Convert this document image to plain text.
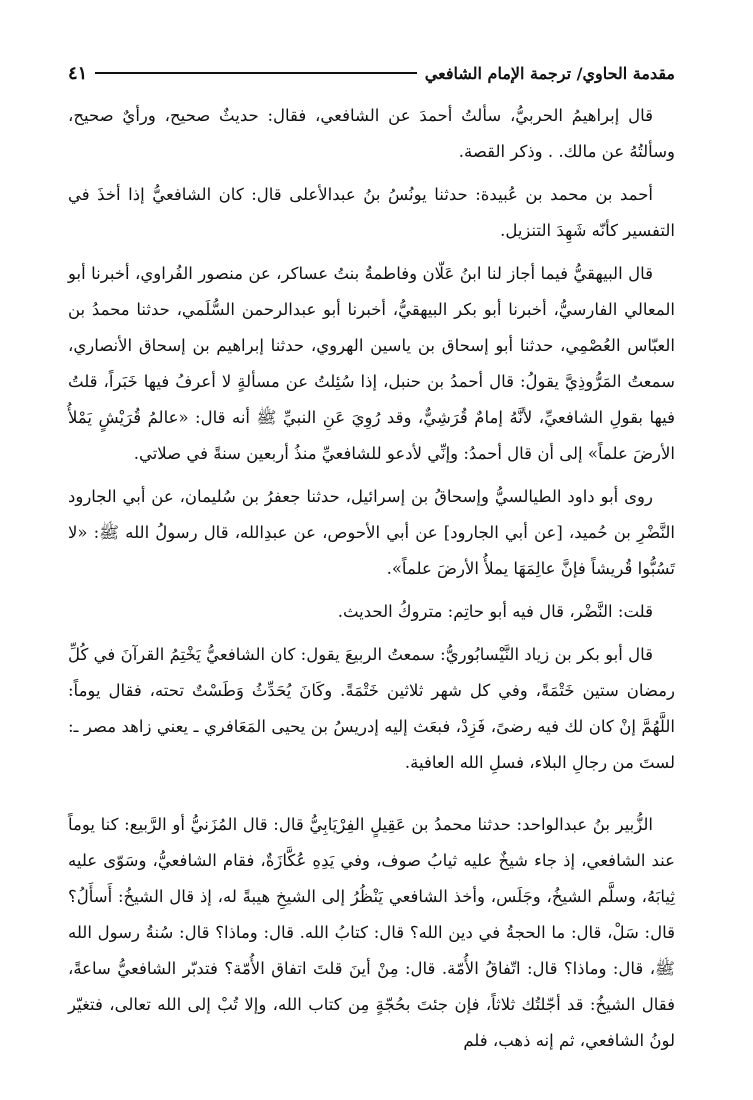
مقدمة الحاوي/ ترجمة الإمام الشافعي
٤١

قال إبراهيمُ الحربيُّ، سألتُ أحمدَ عن الشافعي، فقال: حديثٌ صحيح، ورأيٌ صحيح، وسألتُهُ عن مالك. . وذكر القصة.

أحمد بن محمد بن عُبيدة: حدثنا يونُسُ بنُ عبدالأعلى قال: كان الشافعيُّ إذا أخذَ في التفسير كأنّه شَهِدَ التنزيل.

قال البيهقيُّ فيما أجاز لنا ابنُ عَلّان وفاطمةُ بنتُ عساكر، عن منصور الفُراوي، أخبرنا أبو المعالي الفارسيُّ، أخبرنا أبو بكر البيهقيُّ، أخبرنا أبو عبدالرحمن السُّلَمي، حدثنا محمدُ بن العبّاس العُصْمِي، حدثنا أبو إسحاق بن ياسين الهروي، حدثنا إبراهيم بن إسحاق الأنصاري، سمعتُ المَرُّوذِيَّ يقولُ: قال أحمدُ بن حنبل، إذا سُئِلتُ عن مسألةٍ لا أعرفُ فيها خَبَراً، قلتُ فيها بقولِ الشافعيِّ، لأنَّهُ إمامٌ قُرَشِيٌّ، وقد رُوِيَ عَنِ النبيِّ ﷺ أنه قال: «عالمُ قُرَيْشٍ يَمْلأُ الأرضَ علماً» إلى أن قال أحمدُ: وإنِّي لأدعو للشافعيِّ منذُ أربعين سنةً في صلاتي.

روى أبو داود الطيالسيُّ وإسحاقُ بن إسرائيل، حدثنا جعفرُ بن سُليمان، عن أبي الجارود النَّضْرِ بن حُميد، [عن أبي الجارود] عن أبي الأحوص، عن عبدِالله، قال رسولُ الله ﷺ: «لا تَسُبُّوا قُريشاً فإنَّ عالِمَهَا يملأُ الأرضَ علماً».

قلت: النَّضْر، قال فيه أبو حاتِم: متروكُ الحديث.

قال أبو بكر بن زياد النَّيْسابُوريُّ: سمعتُ الربيعَ يقول: كان الشافعيُّ يَخْتِمُ القرآنَ في كُلِّ رمضان ستين خَتْمَةً، وفي كل شهر ثلاثين خَتْمَةً. وكَانَ يُحَدِّثُ وَطَسْتٌ تحته، فقال يوماً: اللَّهُمَّ إنْ كان لك فيه رضىً، فَزِدْ، فبعَث إليه إدريسُ بن يحيى المَعَافري ـ يعني زاهد مصر ـ: لستَ من رجالِ البلاء، فسلِ الله العافية.

الزُّبير بنُ عبدالواحد: حدثنا محمدُ بن عَقِيلٍ الفِرْيَابِيُّ قال: قال المُزَنيُّ أو الرَّبيع: كنا يوماً عند الشافعي، إذ جاء شيخٌ عليه ثيابُ صوف، وفي يَدِهِ عُكَّازَةٌ، فقام الشافعيُّ، وسَوّى عليه ثِيابَهُ، وسلَّم الشيخُ، وجَلَس، وأخذ الشافعي يَنْظُرُ إلى الشيخِ هيبةً له، إذ قال الشيخُ: أَسأَلُ؟ قال: سَلْ، قال: ما الحجةُ في دين الله؟ قال: كتابُ الله. قال: وماذا؟ قال: سُنةُ رسول الله ﷺ، قال: وماذا؟ قال: اتّفاقُ الأُمّة. قال: مِنْ أينَ قلتَ اتفاق الأُمّة؟ فتدبّر الشافعيُّ ساعةً، فقال الشيخُ: قد أجّلتُك ثلاثاً، فإن جئتَ بحُجّةٍ مِن كتاب الله، وإلا تُبْ إلى الله تعالى، فتغيّر لونُ الشافعي، ثم إنه ذهب، فلم
